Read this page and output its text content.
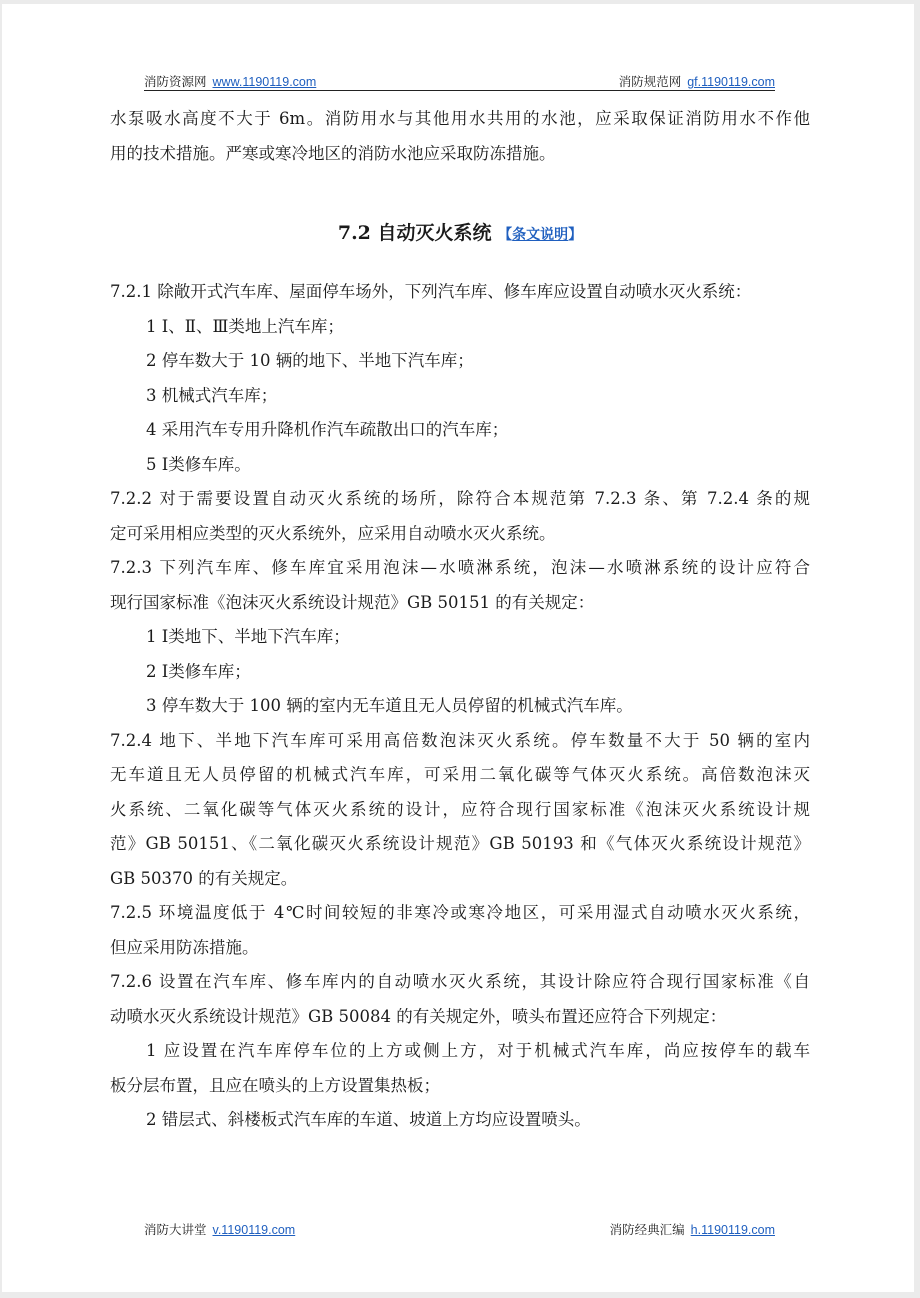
消防资源网 www.1190119.com	消防规范网 gf.1190119.com
水泵吸水高度不大于 6m。消防用水与其他用水共用的水池，应采取保证消防用水不作他
用的技术措施。严寒或寒冷地区的消防水池应采取防冻措施。
7.2 自动灭火系统 【条文说明】
7.2.1 除敞开式汽车库、屋面停车场外，下列汽车库、修车库应设置自动喷水灭火系统：
1 Ⅰ、Ⅱ、Ⅲ类地上汽车库；
2 停车数大于 10 辆的地下、半地下汽车库；
3 机械式汽车库；
4 采用汽车专用升降机作汽车疏散出口的汽车库；
5 Ⅰ类修车库。
7.2.2 对于需要设置自动灭火系统的场所，除符合本规范第 7.2.3 条、第 7.2.4 条的规
定可采用相应类型的灭火系统外，应采用自动喷水灭火系统。
7.2.3 下列汽车库、修车库宜采用泡沫—水喷淋系统，泡沫—水喷淋系统的设计应符合
现行国家标准《泡沫灭火系统设计规范》GB 50151 的有关规定：
1 Ⅰ类地下、半地下汽车库；
2 Ⅰ类修车库；
3 停车数大于 100 辆的室内无车道且无人员停留的机械式汽车库。
7.2.4 地下、半地下汽车库可采用高倍数泡沫灭火系统。停车数量不大于 50 辆的室内
无车道且无人员停留的机械式汽车库，可采用二氧化碳等气体灭火系统。高倍数泡沫灭
火系统、二氧化碳等气体灭火系统的设计，应符合现行国家标准《泡沫灭火系统设计规
范》GB 50151、《二氧化碳灭火系统设计规范》GB 50193 和《气体灭火系统设计规范》
GB 50370 的有关规定。
7.2.5 环境温度低于 4℃时间较短的非寒冷或寒冷地区，可采用湿式自动喷水灭火系统，
但应采用防冻措施。
7.2.6 设置在汽车库、修车库内的自动喷水灭火系统，其设计除应符合现行国家标准《自
动喷水灭火系统设计规范》GB 50084 的有关规定外，喷头布置还应符合下列规定：
1 应设置在汽车库停车位的上方或侧上方，对于机械式汽车库，尚应按停车的载车
板分层布置，且应在喷头的上方设置集热板；
2 错层式、斜楼板式汽车库的车道、坡道上方均应设置喷头。
消防大讲堂 v.1190119.com	消防经典汇编 h.1190119.com
